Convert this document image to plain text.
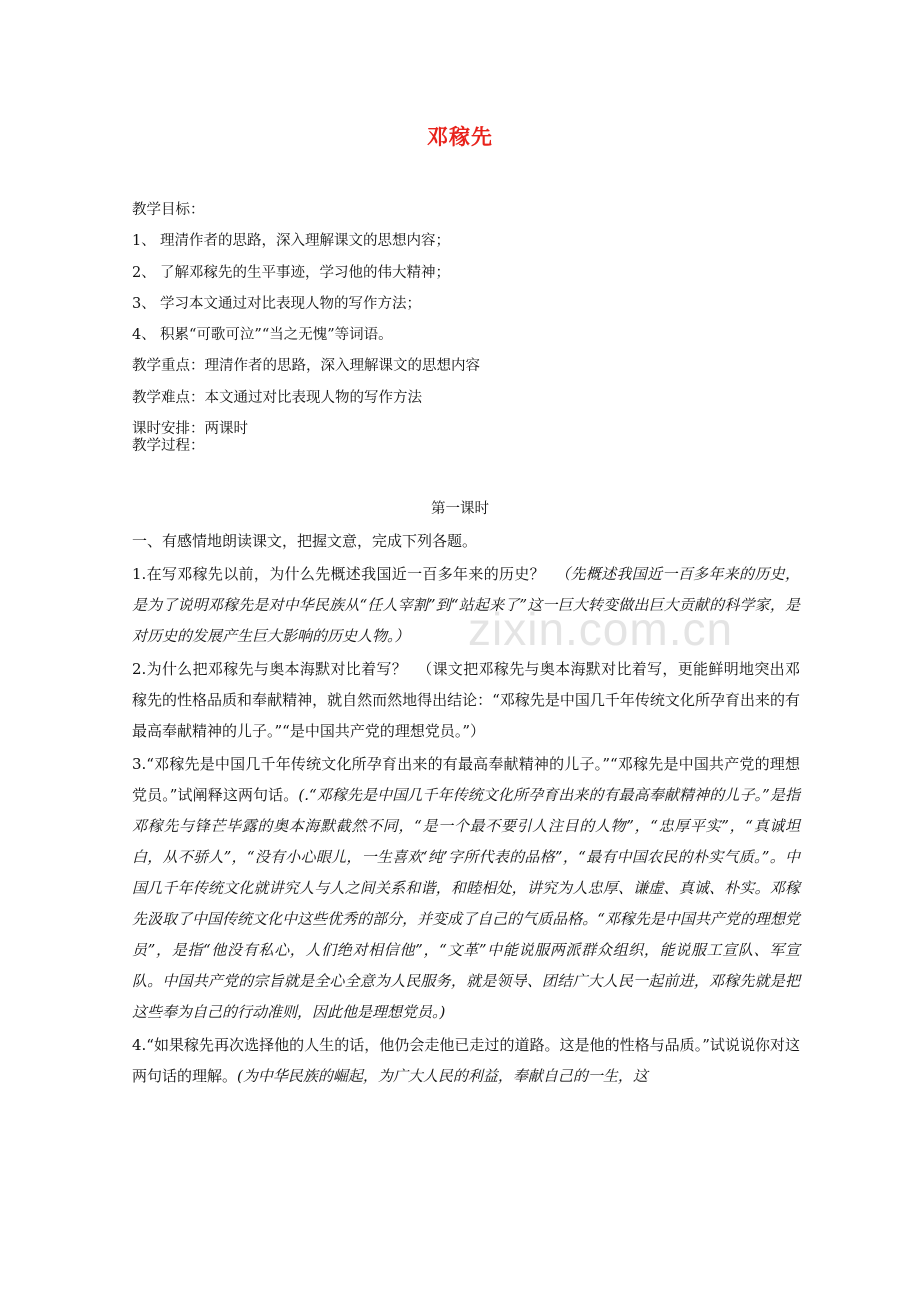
邓稼先
zixin.com.cn
教学目标：
1、 理清作者的思路，深入理解课文的思想内容；
2、 了解邓稼先的生平事迹，学习他的伟大精神；
3、 学习本文通过对比表现人物的写作方法；
4、 积累“可歌可泣”“当之无愧”等词语。
教学重点：理清作者的思路，深入理解课文的思想内容
教学难点：本文通过对比表现人物的写作方法
课时安排：两课时
教学过程：
第一课时
一、有感情地朗读课文，把握文意，完成下列各题。
1.在写邓稼先以前，为什么先概述我国近一百多年来的历史？ （先概述我国近一百多年来的历史，是为了说明邓稼先是对中华民族从“任人宰割”到“站起来了”这一巨大转变做出巨大贡献的科学家，是对历史的发展产生巨大影响的历史人物。）
2.为什么把邓稼先与奥本海默对比着写？ （课文把邓稼先与奥本海默对比着写，更能鲜明地突出邓稼先的性格品质和奉献精神，就自然而然地得出结论：“邓稼先是中国几千年传统文化所孕育出来的有最高奉献精神的儿子。”“是中国共产党的理想党员。”）
3.“邓稼先是中国几千年传统文化所孕育出来的有最高奉献精神的儿子。”“邓稼先是中国共产党的理想党员。”试阐释这两句话。(.“邓稼先是中国几千年传统文化所孕育出来的有最高奉献精神的儿子。”是指邓稼先与锋芒毕露的奥本海默截然不同，“是一个最不要引人注目的人物”，“忠厚平实”，“真诚坦白，从不骄人”，“没有小心眼儿，一生喜欢‘纯’字所代表的品格”，“最有中国农民的朴实气质。”。中国几千年传统文化就讲究人与人之间关系和谐，和睦相处，讲究为人忠厚、谦虚、真诚、朴实。邓稼先汲取了中国传统文化中这些优秀的部分，并变成了自己的气质品格。“邓稼先是中国共产党的理想党员”，是指“他没有私心，人们绝对相信他”，“文革”中能说服两派群众组织，能说服工宣队、军宣队。中国共产党的宗旨就是全心全意为人民服务，就是领导、团结广大人民一起前进，邓稼先就是把这些奉为自己的行动准则，因此他是理想党员。)
4.“如果稼先再次选择他的人生的话，他仍会走他已走过的道路。这是他的性格与品质。”试说说你对这两句话的理解。(为中华民族的崛起，为广大人民的利益，奉献自己的一生，这
